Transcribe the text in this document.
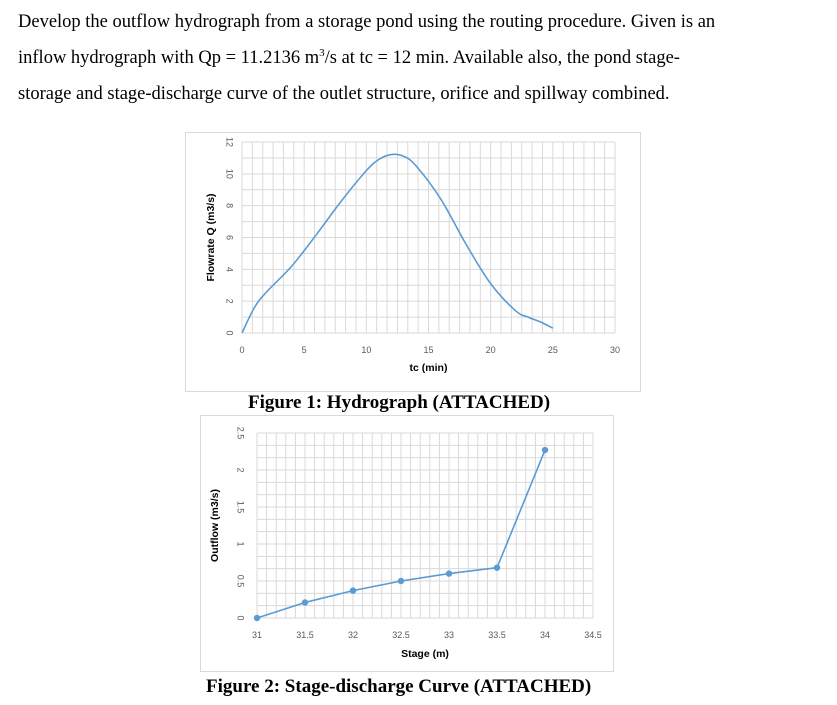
Develop the outflow hydrograph from a storage pond using the routing procedure. Given is an
inflow hydrograph with Qp = 11.2136 $m^3/s$ at tc = 12 min. Available also, the pond stage-
storage and stage-discharge curve of the outlet structure, orifice and spillway combined.
0	5	10	15	20	25	30
0
2
4
6
8
10
12
tc (min)
Flowrate Q (m3/s)
Figure 1: Hydrograph (ATTACHED)
31	31.5	32	32.5	33	33.5	34	34.5
0
0.5
1
1.5
2
2.5
Stage (m)
Outflow (m3/s)
Figure 2: Stage-discharge Curve (ATTACHED)
